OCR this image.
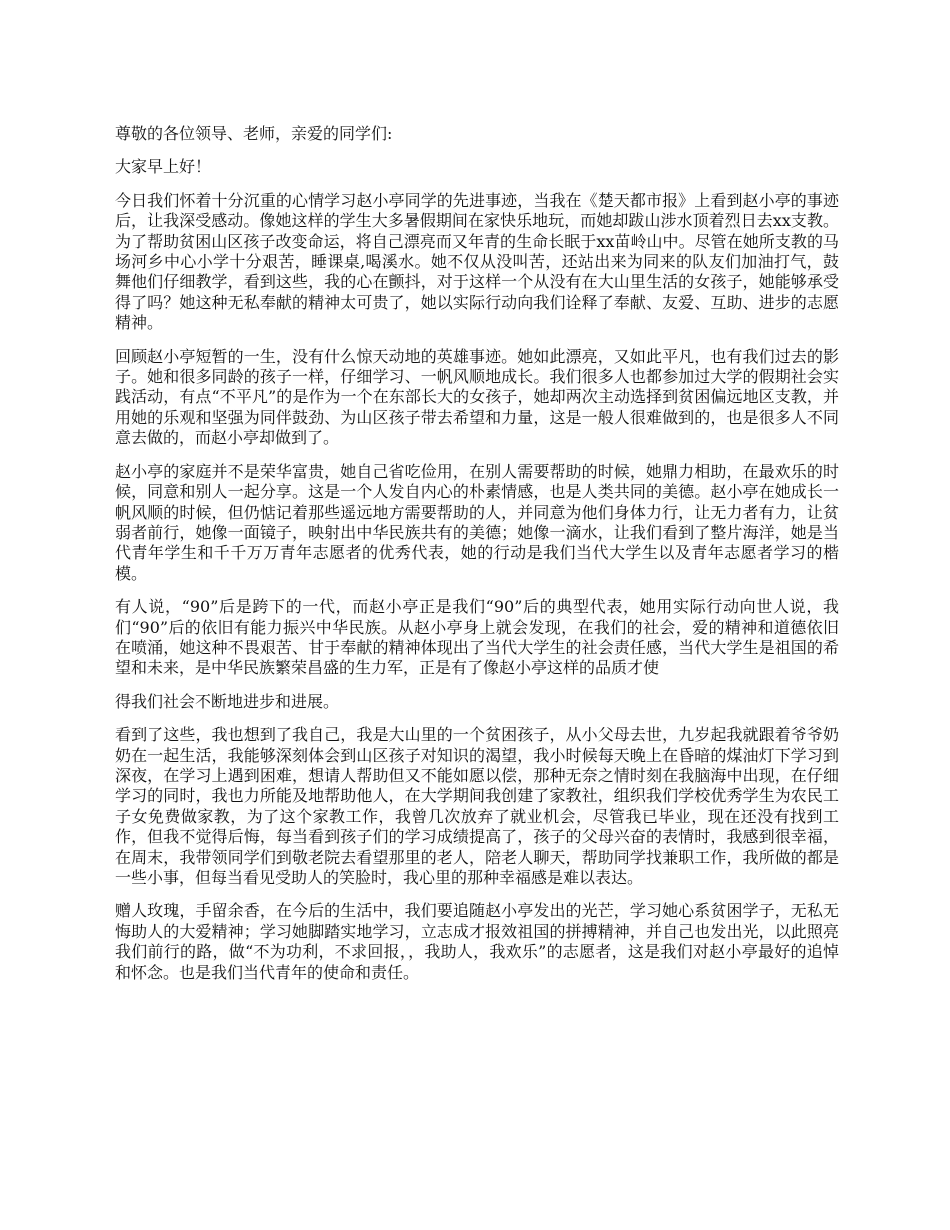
尊敬的各位领导、老师，亲爱的同学们:

大家早上好！

今日我们怀着十分沉重的心情学习赵小亭同学的先进事迹，当我在《楚天都市报》上看到赵小亭的事迹后，让我深受感动。像她这样的学生大多暑假期间在家快乐地玩，而她却跋山涉水顶着烈日去xx支教。为了帮助贫困山区孩子改变命运，将自己漂亮而又年青的生命长眠于xx苗岭山中。尽管在她所支教的马场河乡中心小学十分艰苦，睡课桌,喝溪水。她不仅从没叫苦，还站出来为同来的队友们加油打气，鼓舞他们仔细教学，看到这些，我的心在颤抖，对于这样一个从没有在大山里生活的女孩子，她能够承受得了吗？她这种无私奉献的精神太可贵了，她以实际行动向我们诠释了奉献、友爱、互助、进步的志愿精神。

回顾赵小亭短暂的一生，没有什么惊天动地的英雄事迹。她如此漂亮，又如此平凡，也有我们过去的影子。她和很多同龄的孩子一样，仔细学习、一帆风顺地成长。我们很多人也都参加过大学的假期社会实践活动，有点“不平凡”的是作为一个在东部长大的女孩子，她却两次主动选择到贫困偏远地区支教，并用她的乐观和坚强为同伴鼓劲、为山区孩子带去希望和力量，这是一般人很难做到的，也是很多人不同意去做的，而赵小亭却做到了。

赵小亭的家庭并不是荣华富贵，她自己省吃俭用，在别人需要帮助的时候，她鼎力相助，在最欢乐的时候，同意和别人一起分享。这是一个人发自内心的朴素情感，也是人类共同的美德。赵小亭在她成长一帆风顺的时候，但仍惦记着那些遥远地方需要帮助的人，并同意为他们身体力行，让无力者有力，让贫弱者前行，她像一面镜子，映射出中华民族共有的美德；她像一滴水，让我们看到了整片海洋，她是当代青年学生和千千万万青年志愿者的优秀代表，她的行动是我们当代大学生以及青年志愿者学习的楷模。

有人说，“90”后是跨下的一代，而赵小亭正是我们“90”后的典型代表，她用实际行动向世人说，我们“90”后的依旧有能力振兴中华民族。从赵小亭身上就会发现，在我们的社会，爱的精神和道德依旧在喷涌，她这种不畏艰苦、甘于奉献的精神体现出了当代大学生的社会责任感，当代大学生是祖国的希望和未来，是中华民族繁荣昌盛的生力军，正是有了像赵小亭这样的品质才使

得我们社会不断地进步和进展。

看到了这些，我也想到了我自己，我是大山里的一个贫困孩子，从小父母去世，九岁起我就跟着爷爷奶奶在一起生活，我能够深刻体会到山区孩子对知识的渴望，我小时候每天晚上在昏暗的煤油灯下学习到深夜，在学习上遇到困难，想请人帮助但又不能如愿以偿，那种无奈之情时刻在我脑海中出现，在仔细学习的同时，我也力所能及地帮助他人，在大学期间我创建了家教社，组织我们学校优秀学生为农民工子女免费做家教，为了这个家教工作，我曾几次放弃了就业机会，尽管我已毕业，现在还没有找到工作，但我不觉得后悔，每当看到孩子们的学习成绩提高了，孩子的父母兴奋的表情时，我感到很幸福，在周末，我带领同学们到敬老院去看望那里的老人，陪老人聊天，帮助同学找兼职工作，我所做的都是一些小事，但每当看见受助人的笑脸时，我心里的那种幸福感是难以表达。

赠人玫瑰，手留余香，在今后的生活中，我们要追随赵小亭发出的光芒，学习她心系贫困学子，无私无悔助人的大爱精神；学习她脚踏实地学习，立志成才报效祖国的拼搏精神，并自己也发出光，以此照亮我们前行的路，做“不为功利，不求回报，，我助人，我欢乐”的志愿者，这是我们对赵小亭最好的追悼和怀念。也是我们当代青年的使命和责任。
